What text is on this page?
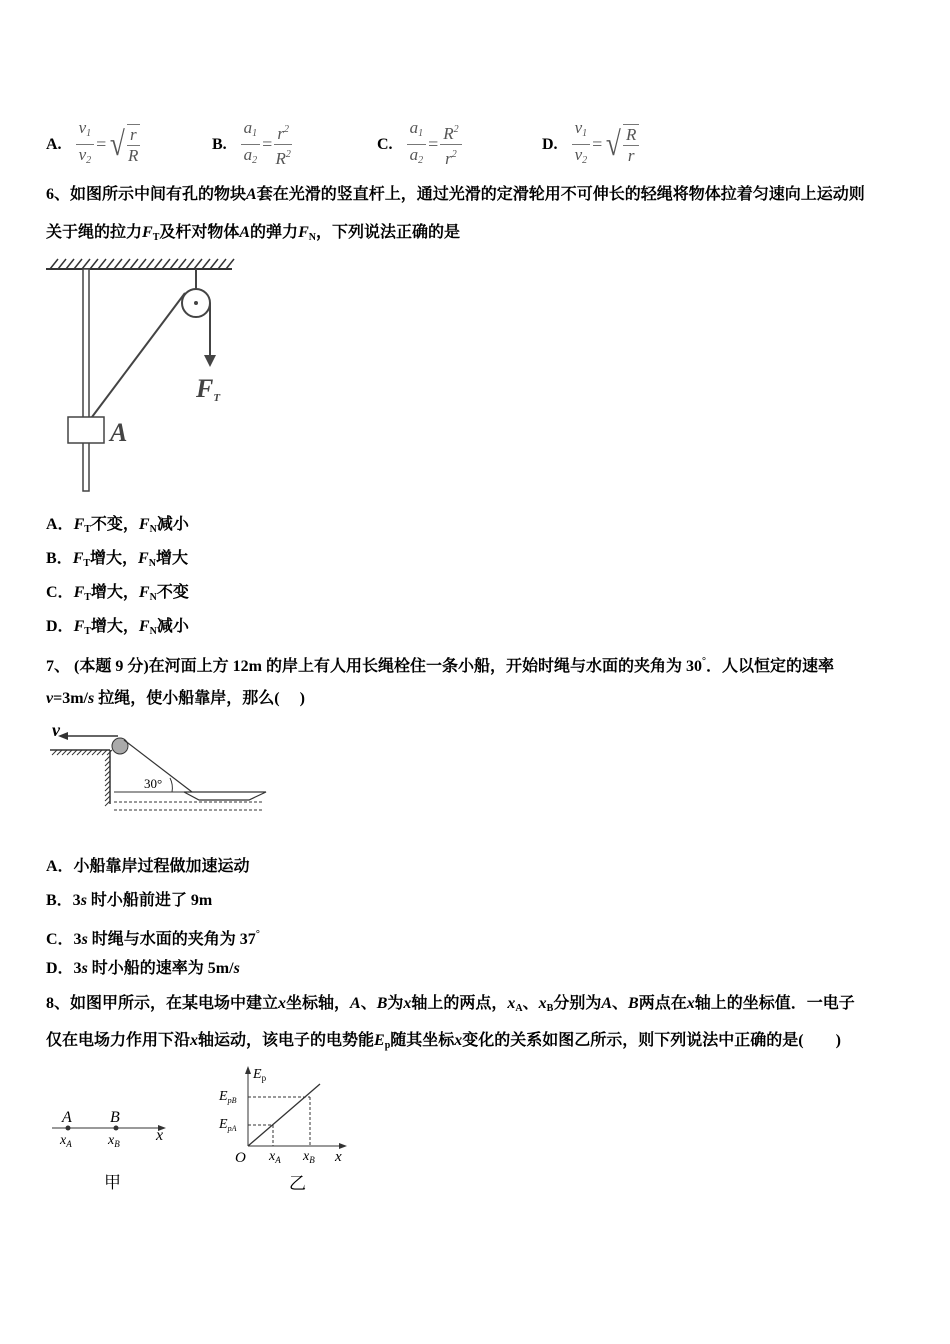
A. $\frac{v_1}{v_2}$ = √ $\frac{r}{R}$	B. $\frac{a_1}{a_2} = \frac{r^2}{R^2}$	C. $\frac{a_1}{a_2} = \frac{R^2}{r^2}$	D. $\frac{v_1}{v_2}$ = √ $\frac{R}{r}$
FT
A
v
30°
A B
$x_A$	$x_B$ x
甲
$E_p$
$E_{pB}$
$E_{pA}$
O $x_A$ $x_B$ x
乙
6、如图所示中间有孔的物块A套在光滑的竖直杆上，通过光滑的定滑轮用不可伸长的轻绳将物体拉着匀速向上运动则
关于绳的拉力$F_T$及杆对物体A的弹力$F_N$，下列说法正确的是
A．$F_T$不变，$F_N$减小
B．$F_T$增大，$F_N$增大
C．$F_T$增大，$F_N$不变
D．$F_T$增大，$F_N$减小
7、 (本题 9 分)在河面上方 12m 的岸上有人用长绳栓住一条小船，开始时绳与水面的夹角为 30°．人以恒定的速率
v=3m/s 拉绳，使小船靠岸，那么(　 )
A．小船靠岸过程做加速运动
B．3s 时小船前进了 9m
C．3s 时绳与水面的夹角为 37°
D．3s 时小船的速率为 5m/s
8、如图甲所示，在某电场中建立x坐标轴，A、B为x轴上的两点，$x_A$、$x_B$分别为A、B两点在x轴上的坐标值．一电子
仅在电场力作用下沿x轴运动，该电子的电势能$E_p$随其坐标x变化的关系如图乙所示，则下列说法中正确的是(　　)
